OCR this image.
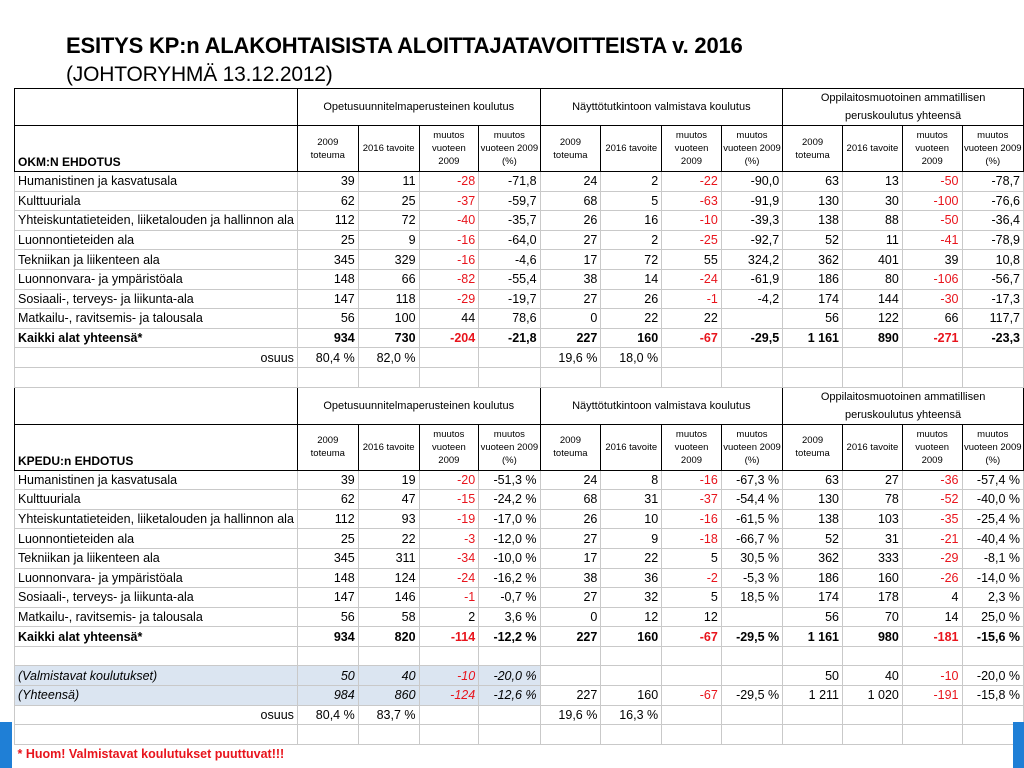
ESITYS KP:n ALAKOHTAISISTA ALOITTAJATAVOITTEISTA v. 2016
(JOHTORYHMÄ 13.12.2012)
	Opetusuunnitelmaperusteinen koulutus				Näyttötutkintoon valmistava koulutus				Oppilaitosmuotoinen ammatillisen peruskoulutus yhteensä			
OKM:N EHDOTUS	2009 toteuma	2016 tavoite	muutos vuoteen 2009	muutos vuoteen 2009 (%)	2009 toteuma	2016 tavoite	muutos vuoteen 2009	muutos vuoteen 2009 (%)	2009 toteuma	2016 tavoite	muutos vuoteen 2009	muutos vuoteen 2009 (%)
Humanistinen ja kasvatusala	39	11	-28	-71,8	24	2	-22	-90,0	63	13	-50	-78,7
Kulttuuriala	62	25	-37	-59,7	68	5	-63	-91,9	130	30	-100	-76,6
Yhteiskuntatieteiden, liiketalouden ja hallinnon ala	112	72	-40	-35,7	26	16	-10	-39,3	138	88	-50	-36,4
Luonnontieteiden ala	25	9	-16	-64,0	27	2	-25	-92,7	52	11	-41	-78,9
Tekniikan ja liikenteen ala	345	329	-16	-4,6	17	72	55	324,2	362	401	39	10,8
Luonnonvara- ja ympäristöala	148	66	-82	-55,4	38	14	-24	-61,9	186	80	-106	-56,7
Sosiaali-, terveys- ja liikunta-ala	147	118	-29	-19,7	27	26	-1	-4,2	174	144	-30	-17,3
Matkailu-, ravitsemis- ja talousala	56	100	44	78,6	0	22	22		56	122	66	117,7
Kaikki alat yhteensä*	934	730	-204	-21,8	227	160	-67	-29,5	1 161	890	-271	-23,3
osuus	80,4 %	82,0 %			19,6 %	18,0 %						

	Opetusuunnitelmaperusteinen koulutus				Näyttötutkintoon valmistava koulutus				Oppilaitosmuotoinen ammatillisen peruskoulutus yhteensä			
KPEDU:n EHDOTUS	2009 toteuma	2016 tavoite	muutos vuoteen 2009	muutos vuoteen 2009 (%)	2009 toteuma	2016 tavoite	muutos vuoteen 2009	muutos vuoteen 2009 (%)	2009 toteuma	2016 tavoite	muutos vuoteen 2009	muutos vuoteen 2009 (%)
Humanistinen ja kasvatusala	39	19	-20	-51,3 %	24	8	-16	-67,3 %	63	27	-36	-57,4 %
Kulttuuriala	62	47	-15	-24,2 %	68	31	-37	-54,4 %	130	78	-52	-40,0 %
Yhteiskuntatieteiden, liiketalouden ja hallinnon ala	112	93	-19	-17,0 %	26	10	-16	-61,5 %	138	103	-35	-25,4 %
Luonnontieteiden ala	25	22	-3	-12,0 %	27	9	-18	-66,7 %	52	31	-21	-40,4 %
Tekniikan ja liikenteen ala	345	311	-34	-10,0 %	17	22	5	30,5 %	362	333	-29	-8,1 %
Luonnonvara- ja ympäristöala	148	124	-24	-16,2 %	38	36	-2	-5,3 %	186	160	-26	-14,0 %
Sosiaali-, terveys- ja liikunta-ala	147	146	-1	-0,7 %	27	32	5	18,5 %	174	178	4	2,3 %
Matkailu-, ravitsemis- ja talousala	56	58	2	3,6 %	0	12	12		56	70	14	25,0 %
Kaikki alat yhteensä*	934	820	-114	-12,2 %	227	160	-67	-29,5 %	1 161	980	-181	-15,6 %

(Valmistavat koulutukset)	50	40	-10	-20,0 %					50	40	-10	-20,0 %
(Yhteensä)	984	860	-124	-12,6 %	227	160	-67	-29,5 %	1 211	1 020	-191	-15,8 %
osuus	80,4 %	83,7 %			19,6 %	16,3 %						

* Huom! Valmistavat koulutukset puuttuvat!!!												
